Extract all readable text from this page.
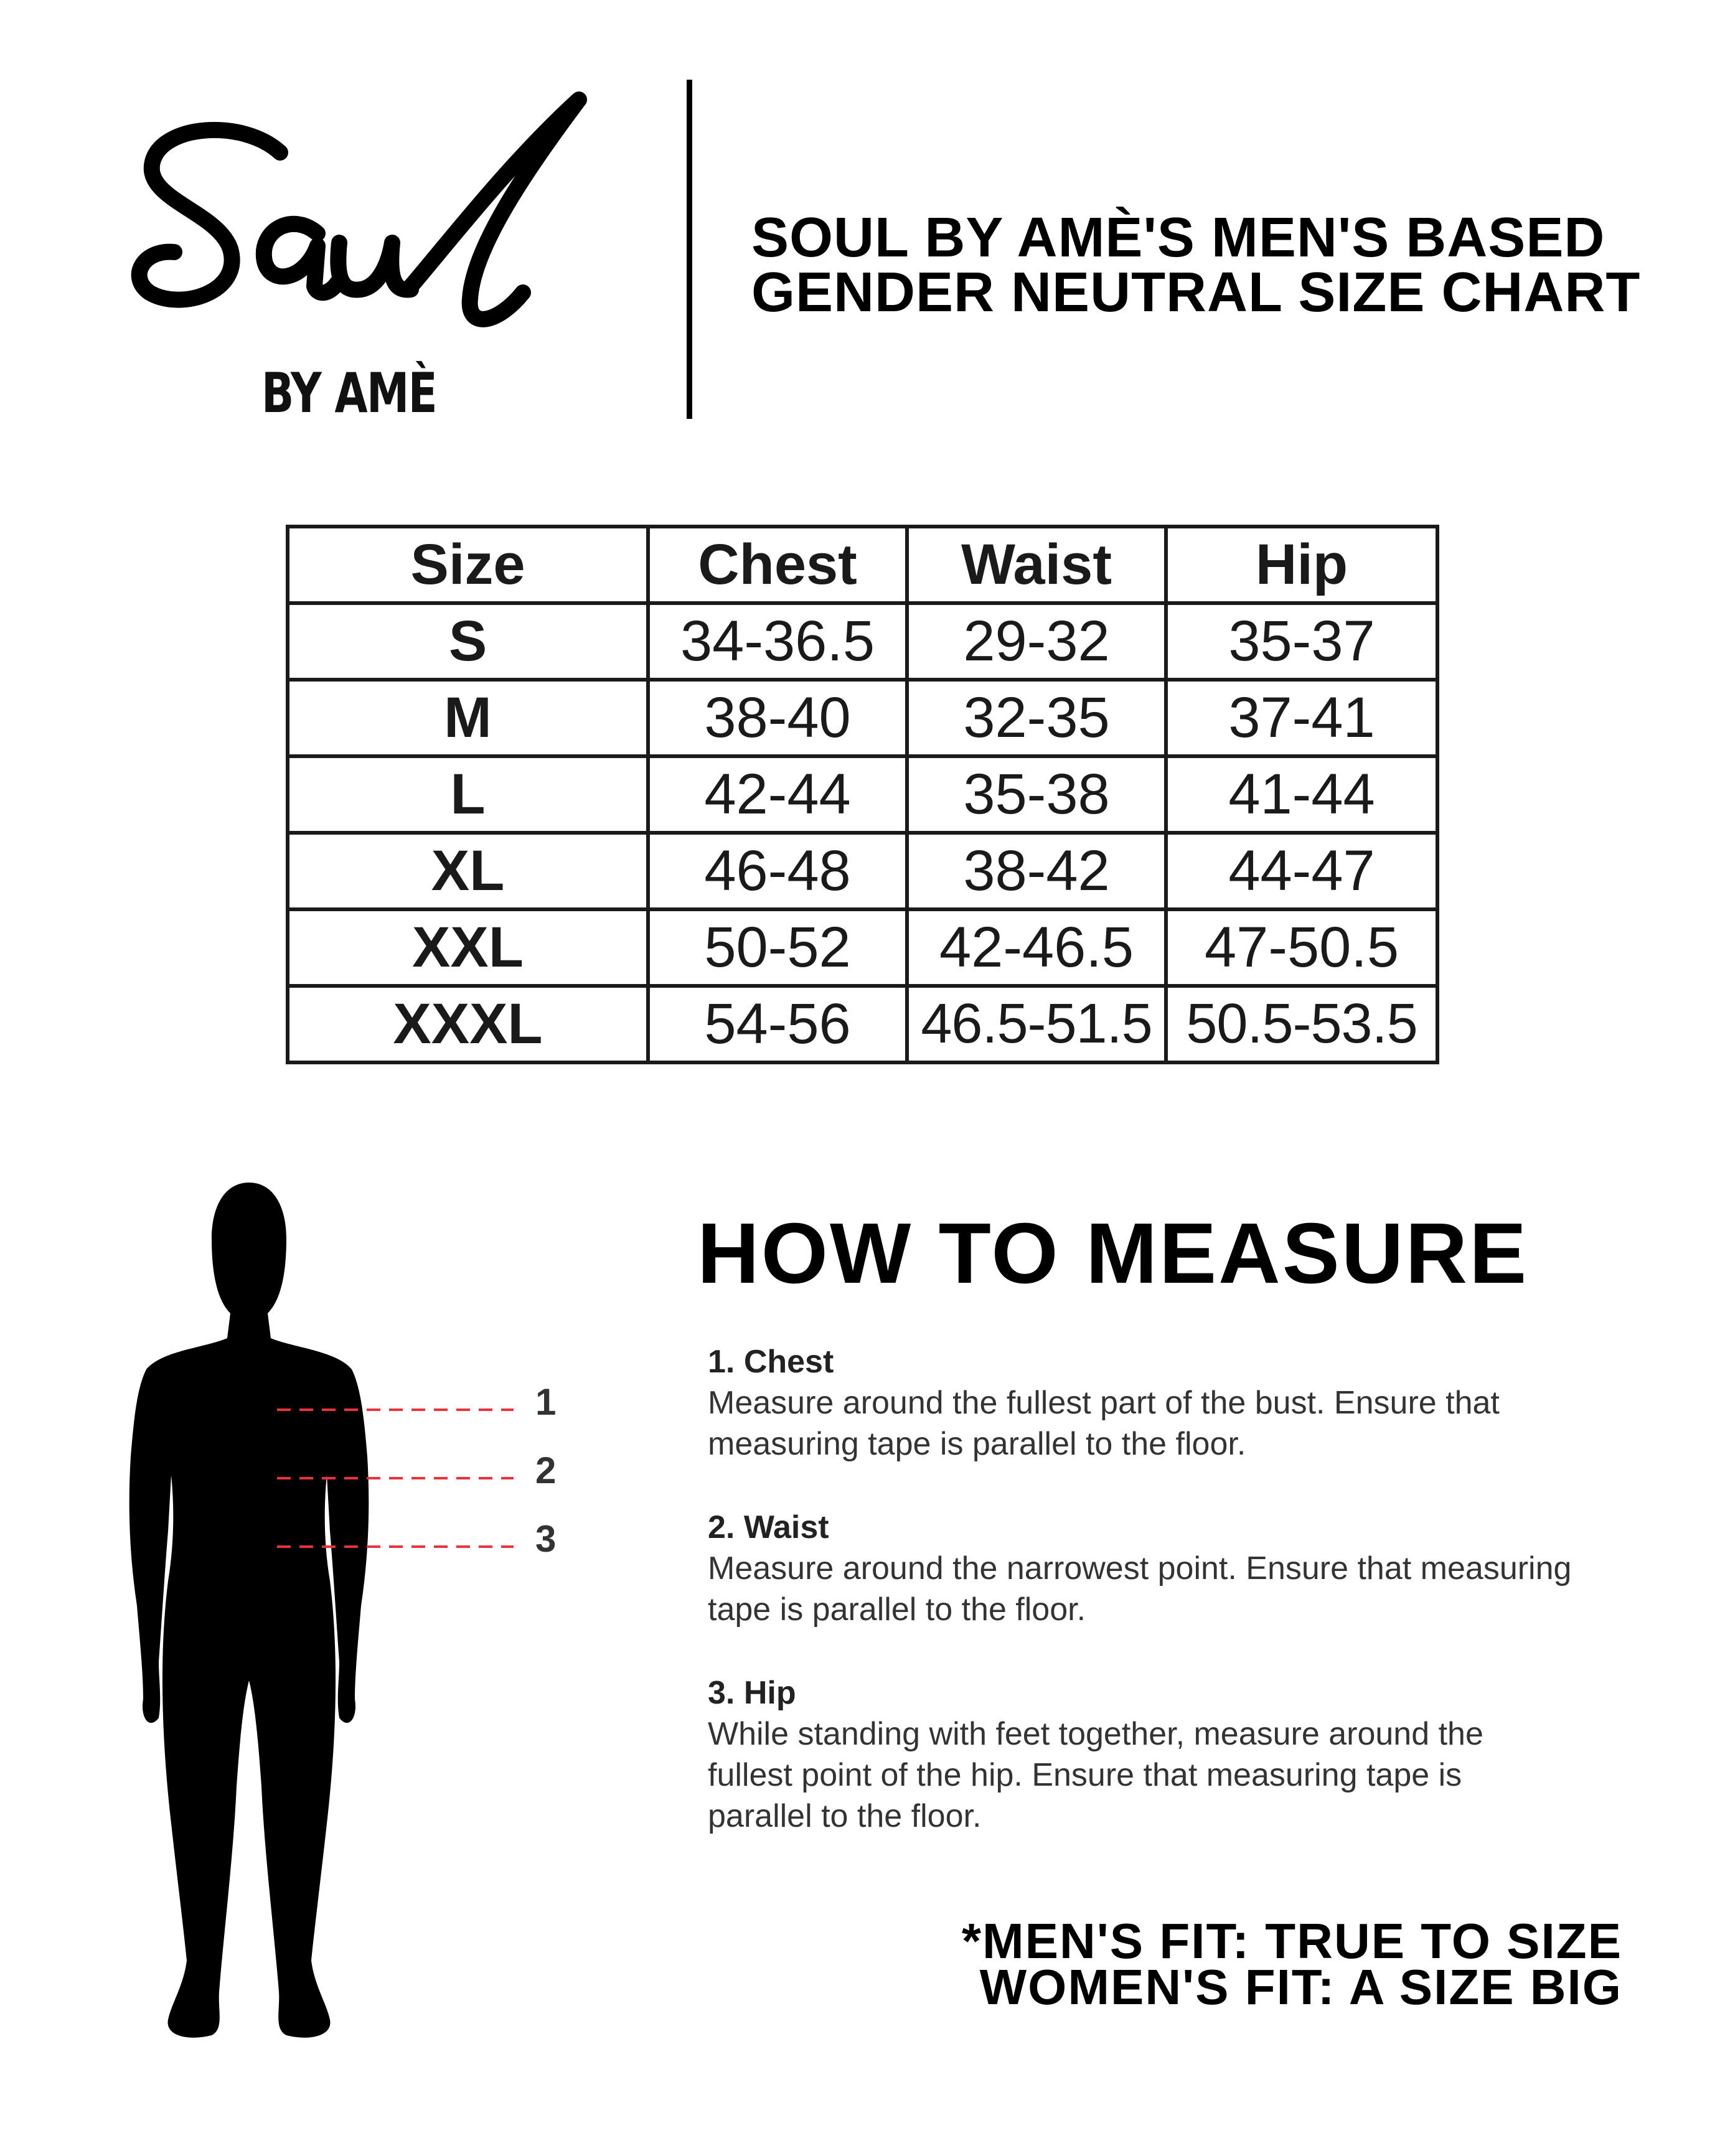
BY AMÈ
SOUL BY AMÈ'S MEN'S BASED
GENDER NEUTRAL SIZE CHART
Size	Chest	Waist	Hip
S	34-36.5	29-32	35-37
M	38-40	32-35	37-41
L	42-44	35-38	41-44
XL	46-48	38-42	44-47
XXL	50-52	42-46.5	47-50.5
XXXL	54-56	46.5-51.5	50.5-53.5
1
2
3
HOW TO MEASURE
1. Chest
Measure around the fullest part of the bust. Ensure that
measuring tape is parallel to the floor.
2. Waist
Measure around the narrowest point. Ensure that measuring
tape is parallel to the floor.
3. Hip
While standing with feet together, measure around the
fullest point of the hip. Ensure that measuring tape is
parallel to the floor.
*MEN'S FIT: TRUE TO SIZE
WOMEN'S FIT: A SIZE BIG
